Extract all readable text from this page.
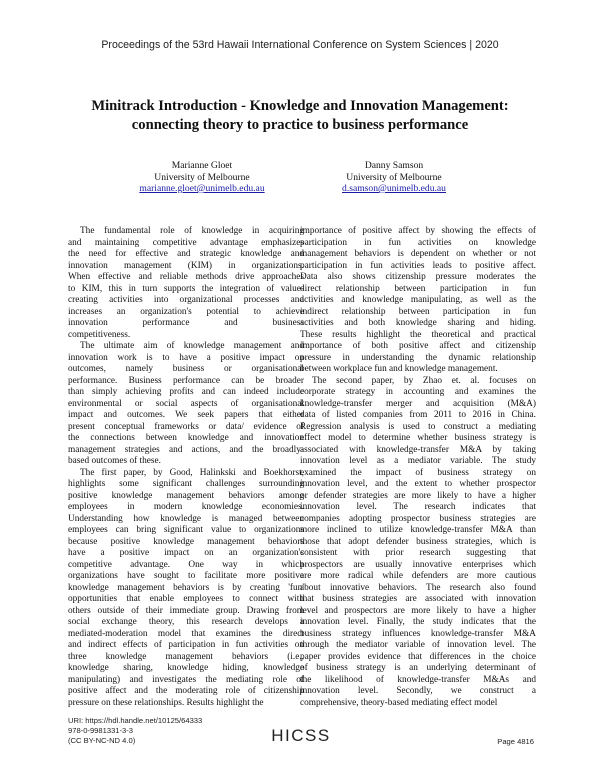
Proceedings of the 53rd Hawaii International Conference on System Sciences | 2020
Minitrack Introduction - Knowledge and Innovation Management:
connecting theory to practice to business performance
Marianne Gloet
University of Melbourne
marianne.gloet@unimelb.edu.au
Danny Samson
University of Melbourne
d.samson@unimelb.edu.au
The fundamental role of knowledge in acquiring
and maintaining competitive advantage emphasizes
the need for effective and strategic knowledge and
innovation management (KIM) in organizations.
When effective and reliable methods drive approaches
to KIM, this in turn supports the integration of value-
creating activities into organizational processes and
increases an organization's potential to achieve
innovation performance and business
competitiveness.
The ultimate aim of knowledge management and
innovation work is to have a positive impact on
outcomes, namely business or organisational
performance. Business performance can be broader
than simply achieving profits and can indeed include
environmental or social aspects of organisational
impact and outcomes. We seek papers that either
present conceptual frameworks or data/ evidence of
the connections between knowledge and innovation
management strategies and actions, and the broadly-
based outcomes of these.
The first paper, by Good, Halinkski and Boekhorst,
highlights some significant challenges surrounding
positive knowledge management behaviors among
employees in modern knowledge economies.
Understanding how knowledge is managed between
employees can bring significant value to organizations
because positive knowledge management behaviors
have a positive impact on an organization's
competitive advantage. One way in which
organizations have sought to facilitate more positive
knowledge management behaviors is by creating 'fun'
opportunities that enable employees to connect with
others outside of their immediate group. Drawing from
social exchange theory, this research develops a
mediated-moderation model that examines the direct
and indirect effects of participation in fun activities on
three knowledge management behaviors (i.e.,
knowledge sharing, knowledge hiding, knowledge
manipulating) and investigates the mediating role of
positive affect and the moderating role of citizenship
pressure on these relationships. Results highlight the
importance of positive affect by showing the effects of
participation in fun activities on knowledge
management behaviors is dependent on whether or not
participation in fun activities leads to positive affect.
Data also shows citizenship pressure moderates the
direct relationship between participation in fun
activities and knowledge manipulating, as well as the
indirect relationship between participation in fun
activities and both knowledge sharing and hiding.
These results highlight the theoretical and practical
importance of both positive affect and citizenship
pressure in understanding the dynamic relationship
between workplace fun and knowledge management.
The second paper, by Zhao et. al. focuses on
corporate strategy in accounting and examines the
knowledge-transfer merger and acquisition (M&A)
data of listed companies from 2011 to 2016 in China.
Regression analysis is used to construct a mediating
effect model to determine whether business strategy is
associated with knowledge-transfer M&A by taking
innovation level as a mediator variable. The study
examined the impact of business strategy on
innovation level, and the extent to whether prospector
or defender strategies are more likely to have a higher
innovation level. The research indicates that
companies adopting prospector business strategies are
more inclined to utilize knowledge-transfer M&A than
those that adopt defender business strategies, which is
consistent with prior research suggesting that
prospectors are usually innovative enterprises which
are more radical while defenders are more cautious
about innovative behaviors. The research also found
that business strategies are associated with innovation
level and prospectors are more likely to have a higher
innovation level. Finally, the study indicates that the
business strategy influences knowledge-transfer M&A
through the mediator variable of innovation level. The
paper provides evidence that differences in the choice
of business strategy is an underlying determinant of
the likelihood of knowledge-transfer M&As and
innovation level. Secondly, we construct a
comprehensive, theory-based mediating effect model
URI: https://hdl.handle.net/10125/64333
978-0-9981331-3-3
(CC BY-NC-ND 4.0)	HICSS	Page 4816
